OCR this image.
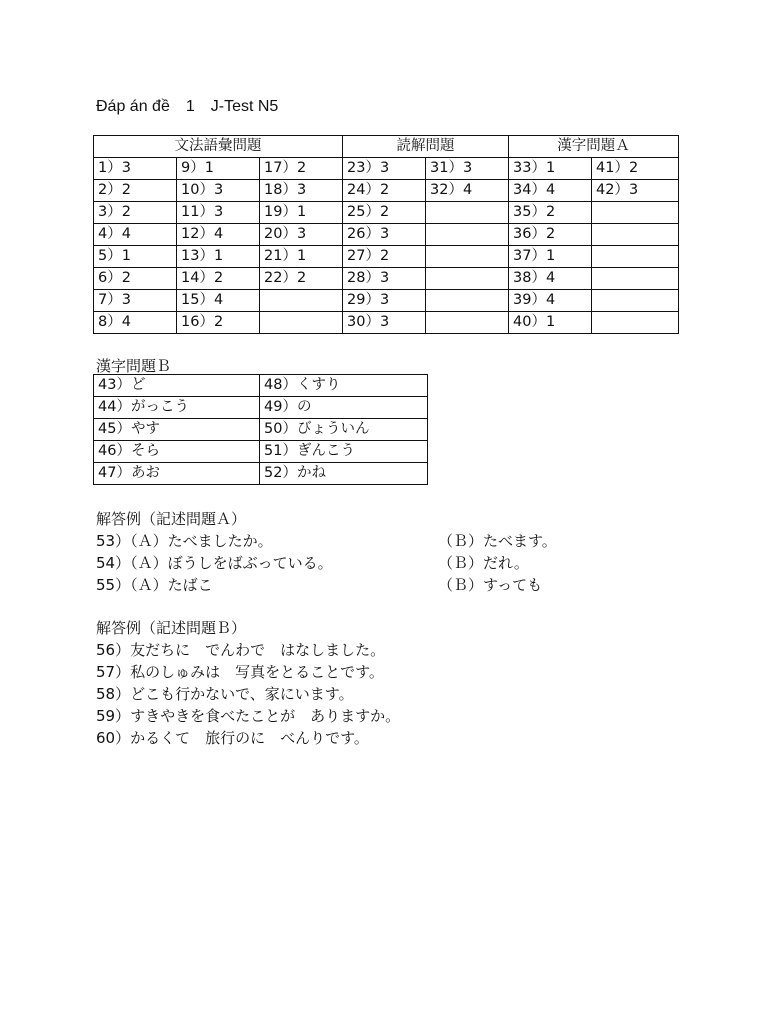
Đáp án đề　1　J-Test N5
文法語彙問題			読解問題		漢字問題Ａ	
1）3	9）1	17）2	23）3	31）3	33）1	41）2
2）2	10）3	18）3	24）2	32）4	34）4	42）3
3）2	11）3	19）1	25）2		35）2	
4）4	12）4	20）3	26）3		36）2	
5）1	13）1	21）1	27）2		37）1	
6）2	14）2	22）2	28）3		38）4	
7）3	15）4		29）3		39）4	
8）4	16）2		30）3		40）1	
漢字問題Ｂ
43）ど	48）くすり
44）がっこう	49）の
45）やす	50）びょういん
46）そら	51）ぎんこう
47）あお	52）かね
解答例（記述問題Ａ）
53）（Ａ）たべましたか。	（Ｂ）たべます。
54）（Ａ）ぼうしをばぶっている。	（Ｂ）だれ。
55）（Ａ）たばこ	（Ｂ）すっても
解答例（記述問題Ｂ）
56）友だちに　でんわで　はなしました。
57）私のしゅみは　写真をとることです。
58）どこも行かないで、家にいます。
59）すきやきを食べたことが　ありますか。
60）かるくて　旅行のに　べんりです。
